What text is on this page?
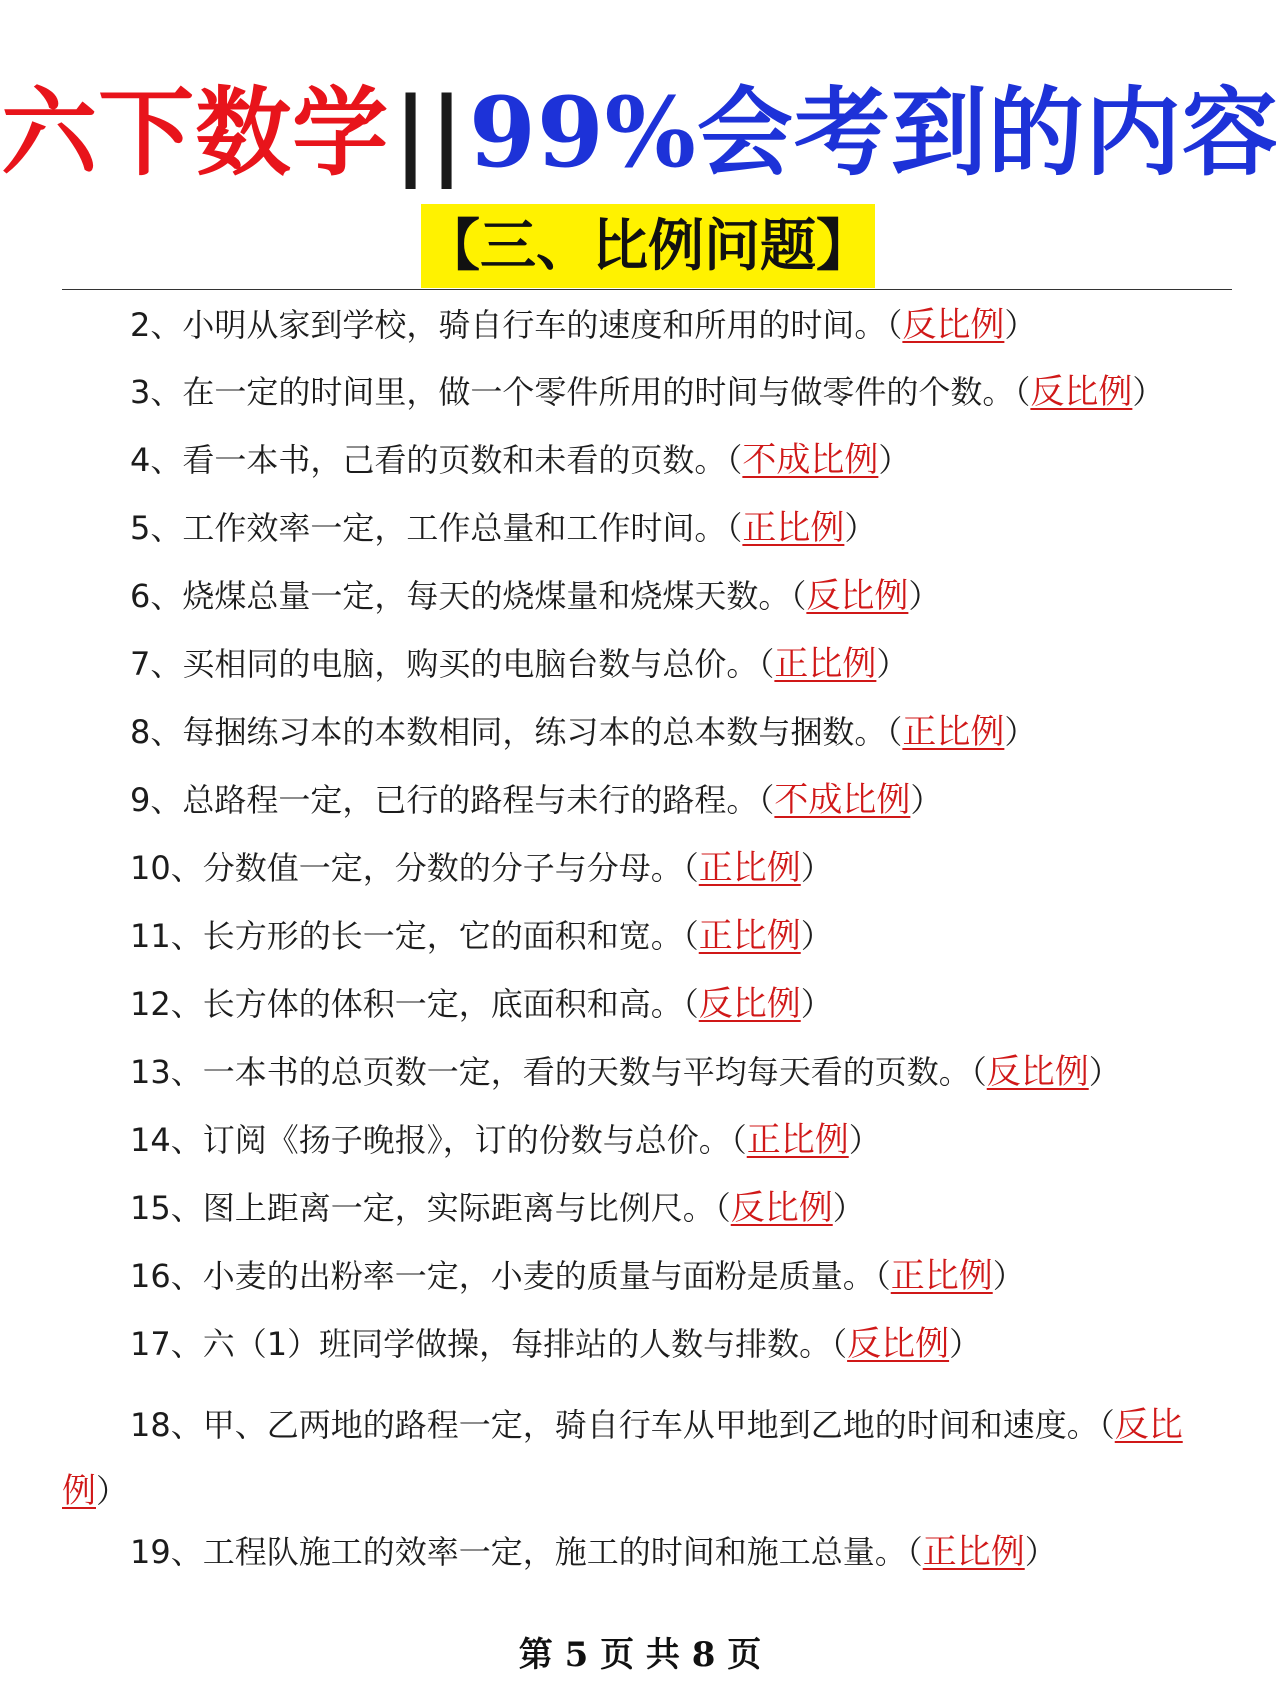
六下数学||99%会考到的内容
【三、比例问题】
2、小明从家到学校，骑自行车的速度和所用的时间。（反比例）
3、在一定的时间里，做一个零件所用的时间与做零件的个数。（反比例）
4、看一本书，己看的页数和未看的页数。（不成比例）
5、工作效率一定，工作总量和工作时间。（正比例）
6、烧煤总量一定，每天的烧煤量和烧煤天数。（反比例）
7、买相同的电脑，购买的电脑台数与总价。（正比例）
8、每捆练习本的本数相同，练习本的总本数与捆数。（正比例）
9、总路程一定，已行的路程与未行的路程。（不成比例）
10、分数值一定，分数的分子与分母。（正比例）
11、长方形的长一定，它的面积和宽。（正比例）
12、长方体的体积一定，底面积和高。（反比例）
13、一本书的总页数一定，看的天数与平均每天看的页数。（反比例）
14、订阅《扬子晚报》，订的份数与总价。（正比例）
15、图上距离一定，实际距离与比例尺。（反比例）
16、小麦的出粉率一定，小麦的质量与面粉是质量。（正比例）
17、六（1）班同学做操，每排站的人数与排数。（反比例）
18、甲、乙两地的路程一定，骑自行车从甲地到乙地的时间和速度。（反比例）
19、工程队施工的效率一定，施工的时间和施工总量。（正比例）
第 5 页 共 8 页
